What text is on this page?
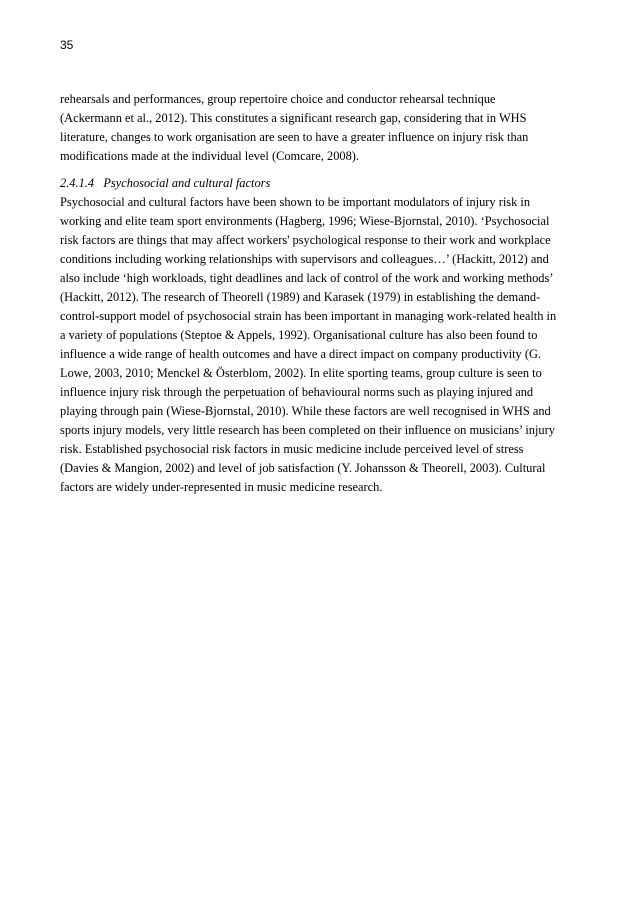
35

rehearsals and performances, group repertoire choice and conductor rehearsal technique
(Ackermann et al., 2012). This constitutes a significant research gap, considering that in WHS
literature, changes to work organisation are seen to have a greater influence on injury risk than
modifications made at the individual level (Comcare, 2008).

2.4.1.4   Psychosocial and cultural factors
Psychosocial and cultural factors have been shown to be important modulators of injury risk in
working and elite team sport environments (Hagberg, 1996; Wiese-Bjornstal, 2010). ‘Psychosocial
risk factors are things that may affect workers' psychological response to their work and workplace
conditions including working relationships with supervisors and colleagues…’ (Hackitt, 2012) and
also include ‘high workloads, tight deadlines and lack of control of the work and working methods’
(Hackitt, 2012). The research of Theorell (1989) and Karasek (1979) in establishing the demand-
control-support model of psychosocial strain has been important in managing work-related health in
a variety of populations (Steptoe & Appels, 1992). Organisational culture has also been found to
influence a wide range of health outcomes and have a direct impact on company productivity (G.
Lowe, 2003, 2010; Menckel & Österblom, 2002). In elite sporting teams, group culture is seen to
influence injury risk through the perpetuation of behavioural norms such as playing injured and
playing through pain (Wiese-Bjornstal, 2010). While these factors are well recognised in WHS and
sports injury models, very little research has been completed on their influence on musicians’ injury
risk. Established psychosocial risk factors in music medicine include perceived level of stress
(Davies & Mangion, 2002) and level of job satisfaction (Y. Johansson & Theorell, 2003). Cultural
factors are widely under-represented in music medicine research.
